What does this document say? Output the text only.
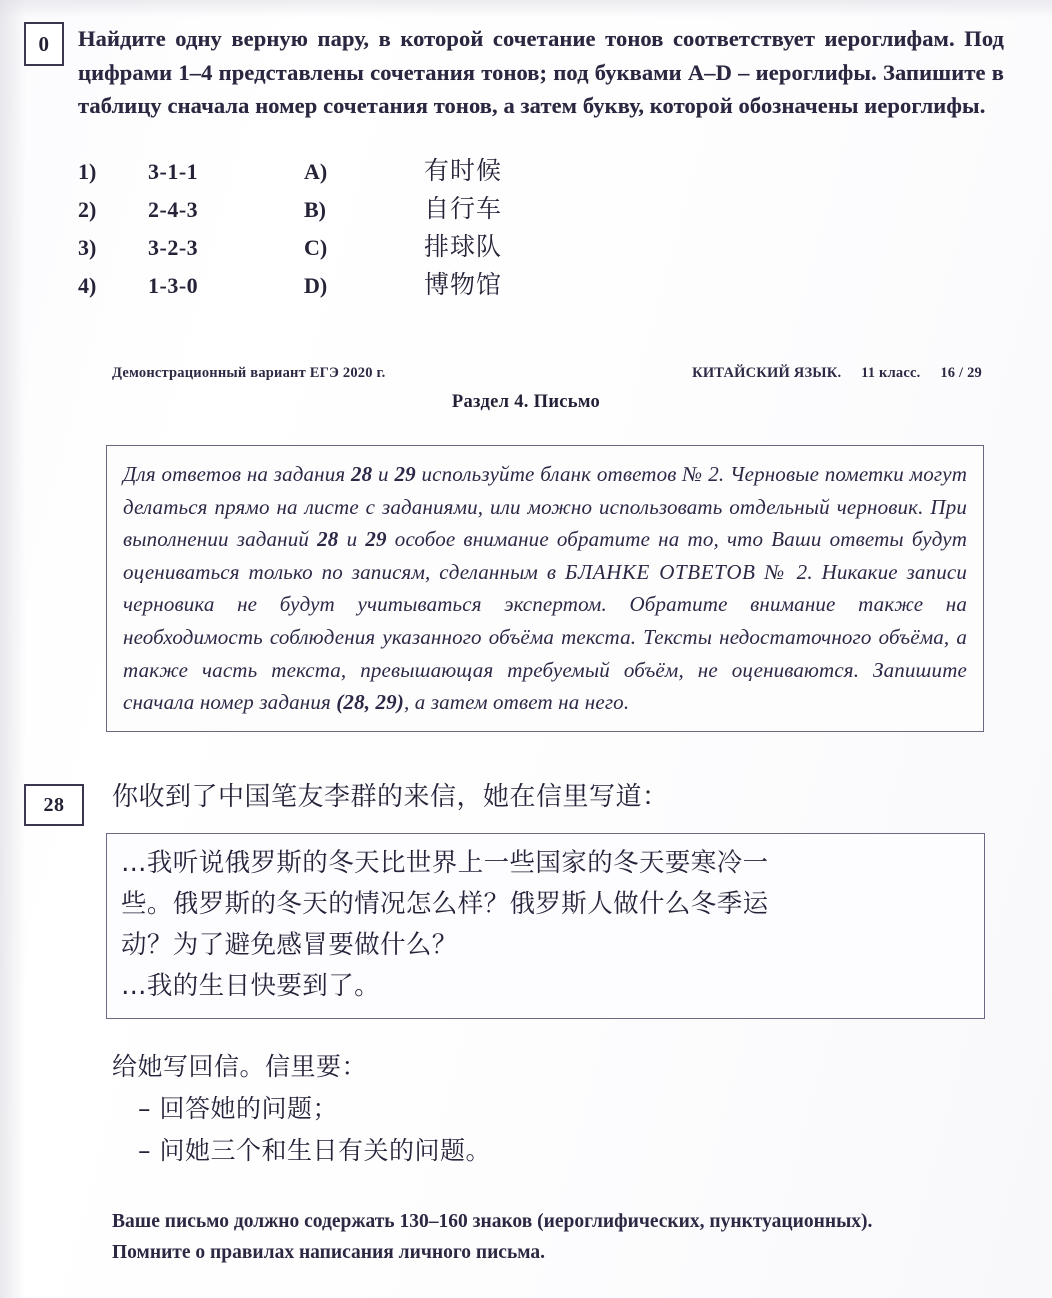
0 Найдите одну верную пару, в которой сочетание тонов соответствует иероглифам. Под цифрами 1–4 представлены сочетания тонов; под буквами A–D – иероглифы. Запишите в таблицу сначала номер сочетания тонов, а затем букву, которой обозначены иероглифы.
1)	3-1-1	A)	有时候
2)	2-4-3	B)	自行车
3)	3-2-3	C)	排球队
4)	1-3-0	D)	博物馆
Демонстрационный вариант ЕГЭ 2020 г.	КИТАЙСКИЙ ЯЗЫК. 11 класс. 16 / 29
Раздел 4. Письмо

Для ответов на задания 28 и 29 используйте бланк ответов № 2. Черновые пометки могут делаться прямо на листе с заданиями, или можно использовать отдельный черновик. При выполнении заданий 28 и 29 особое внимание обратите на то, что Ваши ответы будут оцениваться только по записям, сделанным в БЛАНКЕ ОТВЕТОВ № 2. Никакие записи черновика не будут учитываться экспертом. Обратите внимание также на необходимость соблюдения указанного объёма текста. Тексты недостаточного объёма, а также часть текста, превышающая требуемый объём, не оцениваются. Запишите сначала номер задания (28, 29), а затем ответ на него.

28 你收到了中国笔友李群的来信，她在信里写道：

…我听说俄罗斯的冬天比世界上一些国家的冬天要寒冷一

些。俄罗斯的冬天的情况怎么样？俄罗斯人做什么冬季运

动？为了避免感冒要做什么？

…我的生日快要到了。

给她写回信。信里要：
– 回答她的问题；
– 问她三个和生日有关的问题。
Ваше письмо должно содержать 130–160 знаков (иероглифических, пунктуационных).
Помните о правилах написания личного письма.
